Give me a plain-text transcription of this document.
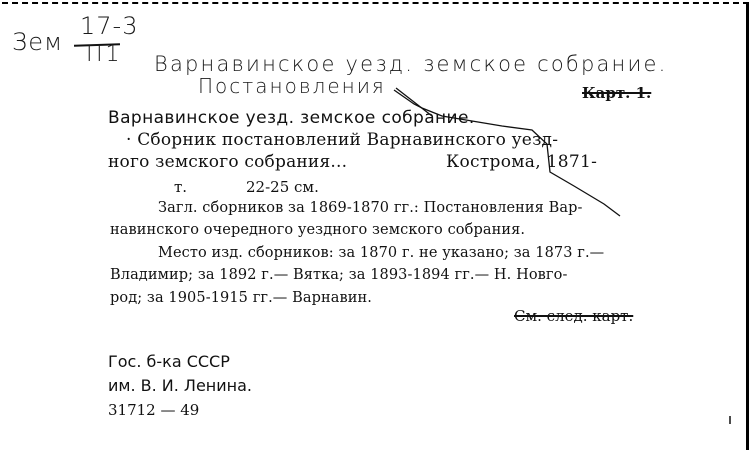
Зем
17-3
П1 Варнавинское уезд. земское собрание.
Постановления	Карт. 1.
Варнавинское уезд. земское собрание.
· Сборник постановлений Варнавинского уезд-
ного земского собрания...	Кострома, 1871-
т.	22-25 см.
Загл. сборников за 1869-1870 гг.: Постановления Вар-
навинского очередного уездного земского собрания.
Место изд. сборников: за 1870 г. не указано; за 1873 г.—
Владимир; за 1892 г.— Вятка; за 1893-1894 гг.— Н. Новго-
род; за 1905-1915 гг.— Варнавин.
См. след. карт.
Гос. б-ка СССР
им. В. И. Ленина.
31712 — 49
